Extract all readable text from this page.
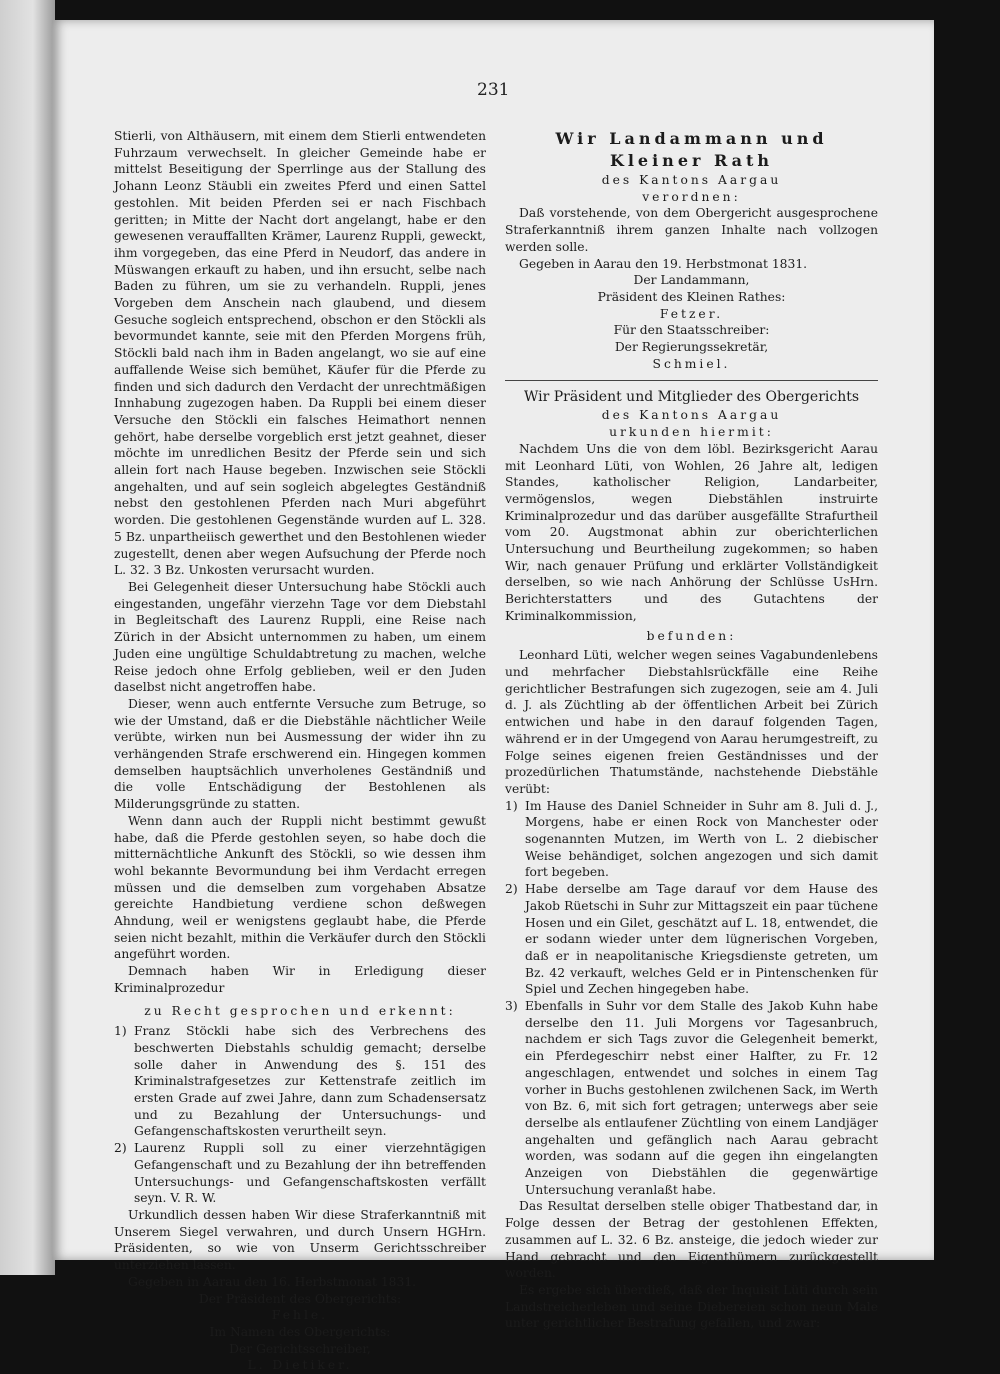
231

Stierli, von Althäusern, mit einem dem Stierli entwendeten Fuhrzaum verwechselt. In gleicher Gemeinde habe er mittelst Beseitigung der Sperrlinge aus der Stallung des Johann Leonz Stäubli ein zweites Pferd und einen Sattel gestohlen. Mit beiden Pferden sei er nach Fischbach geritten; in Mitte der Nacht dort angelangt, habe er den gewesenen verauffallten Krämer, Laurenz Ruppli, geweckt, ihm vorgegeben, das eine Pferd in Neudorf, das andere in Müswangen erkauft zu haben, und ihn ersucht, selbe nach Baden zu führen, um sie zu verhandeln. Ruppli, jenes Vorgeben dem Anschein nach glaubend, und diesem Gesuche sogleich entsprechend, obschon er den Stöckli als bevormundet kannte, seie mit den Pferden Morgens früh, Stöckli bald nach ihm in Baden angelangt, wo sie auf eine auffallende Weise sich bemühet, Käufer für die Pferde zu finden und sich dadurch den Verdacht der unrechtmäßigen Innhabung zugezogen haben. Da Ruppli bei einem dieser Versuche den Stöckli ein falsches Heimathort nennen gehört, habe derselbe vorgeblich erst jetzt geahnet, dieser möchte im unredlichen Besitz der Pferde sein und sich allein fort nach Hause begeben. Inzwischen seie Stöckli angehalten, und auf sein sogleich abgelegtes Geständniß nebst den gestohlenen Pferden nach Muri abgeführt worden. Die gestohlenen Gegenstände wurden auf L. 328. 5 Bz. unpartheiisch gewerthet und den Bestohlenen wieder zugestellt, denen aber wegen Aufsuchung der Pferde noch L. 32. 3 Bz. Unkosten verursacht wurden.

Bei Gelegenheit dieser Untersuchung habe Stöckli auch eingestanden, ungefähr vierzehn Tage vor dem Diebstahl in Begleitschaft des Laurenz Ruppli, eine Reise nach Zürich in der Absicht unternommen zu haben, um einem Juden eine ungültige Schuldabtretung zu machen, welche Reise jedoch ohne Erfolg geblieben, weil er den Juden daselbst nicht angetroffen habe.

Dieser, wenn auch entfernte Versuche zum Betruge, so wie der Umstand, daß er die Diebstähle nächtlicher Weile verübte, wirken nun bei Ausmessung der wider ihn zu verhängenden Strafe erschwerend ein. Hingegen kommen demselben hauptsächlich unverholenes Geständniß und die volle Entschädigung der Bestohlenen als Milderungsgründe zu statten.

Wenn dann auch der Ruppli nicht bestimmt gewußt habe, daß die Pferde gestohlen seyen, so habe doch die mitternächtliche Ankunft des Stöckli, so wie dessen ihm wohl bekannte Bevormundung bei ihm Verdacht erregen müssen und die demselben zum vorgehaben Absatze gereichte Handbietung verdiene schon deßwegen Ahndung, weil er wenigstens geglaubt habe, die Pferde seien nicht bezahlt, mithin die Verkäufer durch den Stöckli angeführt worden.

Demnach haben Wir in Erledigung dieser Kriminalprozedur

zu Recht gesprochen und erkennt:

1) Franz Stöckli habe sich des Verbrechens des beschwerten Diebstahls schuldig gemacht; derselbe solle daher in Anwendung des §. 151 des Kriminalstrafgesetzes zur Kettenstrafe zeitlich im ersten Grade auf zwei Jahre, dann zum Schadensersatz und zu Bezahlung der Untersuchungs- und Gefangenschaftskosten verurtheilt seyn.
2) Laurenz Ruppli soll zu einer vierzehntägigen Gefangenschaft und zu Bezahlung der ihn betreffenden Untersuchungs- und Gefangenschaftskosten verfällt seyn. V. R. W.

Urkundlich dessen haben Wir diese Straferkanntniß mit Unserem Siegel verwahren, und durch Unsern HGHrn. Präsidenten, so wie von Unserm Gerichtsschreiber unterziehen lassen.

Gegeben in Aarau den 16. Herbstmonat 1831.

Der Präsident des Obergerichts:

Fehle.

Im Namen des Obergerichts:

Der Gerichtsschreiber,

L. Dietiker.

Wir Landammann und Kleiner Rath

des Kantons Aargau

verordnen:

Daß vorstehende, von dem Obergericht ausgesprochene Straferkanntniß ihrem ganzen Inhalte nach vollzogen werden solle.

Gegeben in Aarau den 19. Herbstmonat 1831.

Der Landammann,

Präsident des Kleinen Rathes:

Fetzer.

Für den Staatsschreiber:

Der Regierungssekretär,

Schmiel.

Wir Präsident und Mitglieder des Obergerichts

des Kantons Aargau

urkunden hiermit:

Nachdem Uns die von dem löbl. Bezirksgericht Aarau mit Leonhard Lüti, von Wohlen, 26 Jahre alt, ledigen Standes, katholischer Religion, Landarbeiter, vermögenslos, wegen Diebstählen instruirte Kriminalprozedur und das darüber ausgefällte Strafurtheil vom 20. Augstmonat abhin zur oberichterlichen Untersuchung und Beurtheilung zugekommen; so haben Wir, nach genauer Prüfung und erklärter Vollständigkeit derselben, so wie nach Anhörung der Schlüsse UsHrn. Berichterstatters und des Gutachtens der Kriminalkommission,

befunden:

Leonhard Lüti, welcher wegen seines Vagabundenlebens und mehrfacher Diebstahlsrückfälle eine Reihe gerichtlicher Bestrafungen sich zugezogen, seie am 4. Juli d. J. als Züchtling ab der öffentlichen Arbeit bei Zürich entwichen und habe in den darauf folgenden Tagen, während er in der Umgegend von Aarau herumgestreift, zu Folge seines eigenen freien Geständnisses und der prozedürlichen Thatumstände, nachstehende Diebstähle verübt:

1) Im Hause des Daniel Schneider in Suhr am 8. Juli d. J., Morgens, habe er einen Rock von Manchester oder sogenannten Mutzen, im Werth von L. 2 diebischer Weise behändiget, solchen angezogen und sich damit fort begeben.
2) Habe derselbe am Tage darauf vor dem Hause des Jakob Rüetschi in Suhr zur Mittagszeit ein paar tüchene Hosen und ein Gilet, geschätzt auf L. 18, entwendet, die er sodann wieder unter dem lügnerischen Vorgeben, daß er in neapolitanische Kriegsdienste getreten, um Bz. 42 verkauft, welches Geld er in Pintenschenken für Spiel und Zechen hingegeben habe.
3) Ebenfalls in Suhr vor dem Stalle des Jakob Kuhn habe derselbe den 11. Juli Morgens vor Tagesanbruch, nachdem er sich Tags zuvor die Gelegenheit bemerkt, ein Pferdegeschirr nebst einer Halfter, zu Fr. 12 angeschlagen, entwendet und solches in einem Tag vorher in Buchs gestohlenen zwilchenen Sack, im Werth von Bz. 6, mit sich fort getragen; unterwegs aber seie derselbe als entlaufener Züchtling von einem Landjäger angehalten und gefänglich nach Aarau gebracht worden, was sodann auf die gegen ihn eingelangten Anzeigen von Diebstählen die gegenwärtige Untersuchung veranlaßt habe.

Das Resultat derselben stelle obiger Thatbestand dar, in Folge dessen der Betrag der gestohlenen Effekten, zusammen auf L. 32. 6 Bz. ansteige, die jedoch wieder zur Hand gebracht und den Eigenthümern zurückgestellt worden.

Es ergebe sich überdieß, daß der Inquisit Lüti durch sein Landstreicherleben und seine Diebereien schon neun Male unter gerichtlicher Bestrafung gefallen, und zwar:
